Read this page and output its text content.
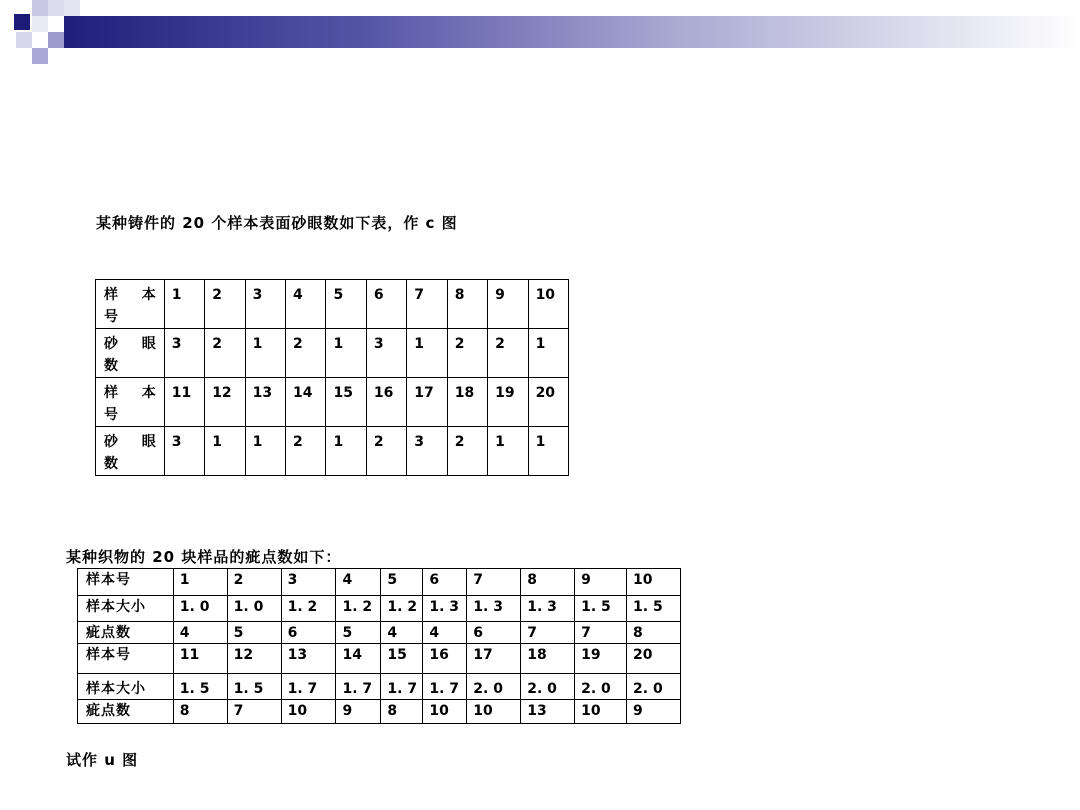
某种铸件的 20 个样本表面砂眼数如下表，作 c 图
样 本
号	1	2	3	4	5	6	7	8	9	10

砂 眼
数	3	2	1	2	1	3	1	2	2	1

样 本
号	11	12	13	14	15	16	17	18	19	20

砂 眼
数	3	1	1	2	1	2	3	2	1	1
某种织物的 20 块样品的疵点数如下：
样本号	1	2	3	4	5	6	7	8	9	10
样本大小	1. 0	1. 0	1. 2	1. 2	1. 2	1. 3	1. 3	1. 3	1. 5	1. 5
疵点数	4	5	6	5	4	4	6	7	7	8
样本号	11	12	13	14	15	16	17	18	19	20
样本大小	1. 5	1. 5	1. 7	1. 7	1. 7	1. 7	2. 0	2. 0	2. 0	2. 0
疵点数	8	7	10	9	8	10	10	13	10	9
试作 u 图
